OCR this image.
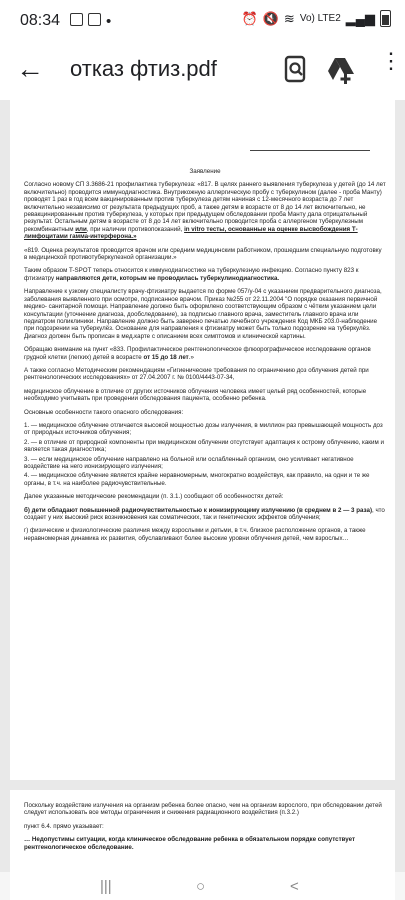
08:34	•	⏰ 🔇 ≋ Vo) LTE2 ▂▄▆
← отказ фтиз.pdf	⋮

Заявление

Согласно новому СП 3.3686-21 профилактика туберкулеза: «817. В целях раннего выявления туберкулеза у детей (до 14 лет включительно) проводится иммунодиагностика. Внутрикожную аллергическую пробу с туберкулином (далее - проба Манту) проводят 1 раз в год всем вакцинированным против туберкулеза детям начиная с 12-месячного возраста до 7 лет включительно независимо от результата предыдущих проб, а также детям в возрасте от 8 до 14 лет включительно, не ревакцинированным против туберкулеза, у которых при предыдущем обследовании проба Манту дала отрицательный результат. Остальным детям в возрасте от 8 до 14 лет включительно проводится проба с аллергеном туберкулезным рекомбинантным или, при наличии противопоказаний, in vitro тесты, основанные на оценке высвобождения Т-лимфоцитами гамма-интерферона.»

«819. Оценка результатов проводится врачом или средним медицинским работником, прошедшим специальную подготовку в медицинской противотуберкулезной организации.»

Таким образом T-SPOT теперь относится к иммунодиагностике на туберкулезную инфекцию. Согласно пункту 823 к фтизиатру направляются дети, которым не проводилась туберкулинодиагностика.

Направление к узкому специалисту врачу-фтизиатру выдается по форме 057/у-04 с указанием предварительного диагноза, заболевания выявленного при осмотре, подписанное врачом. Приказ №255 от 22.11.2004 "О порядке оказания первичной медико- санитарной помощи. Направление должно быть оформлено соответствующим образом с чётким указанием цели консультации (уточнение диагноза, дообследование), за подписью главного врача, заместитель главного врача или педиатром поликлиники. Направление должно быть заверено печатью лечебного учреждения Код МКБ z03.0-наблюдение при подозрении на туберкулёз. Основание для направления к фтизиатру может быть только подозрение на туберкулёз. Диагноз должен быть прописан в мед.карте с описанием всех симптомов и клинической картины.

Обращаю внимание на пункт «833. Профилактическое рентгенологическое флюорографическое исследование органов грудной клетки (легких) детей в возрасте от 15 до 18 лет.»

А также согласно Методическим рекомендациям «Гигиенические требования по ограничению доз облучения детей при рентгенологических исследованиях» от 27.04.2007 г. № 0100/4443-07-34,

медицинское облучение в отличие от других источников облучения человека имеет целый ряд особенностей, которые необходимо учитывать при проведении обследования пациента, особенно ребенка.

Основные особенности такого опасного обследования:

1. — медицинское облучение отличается высокой мощностью дозы излучения, в миллион раз превышающей мощность доз от природных источников облучения;

2. — в отличие от природной компоненты при медицинском облучении отсутствует адаптация к острому облучению, каким и является такая диагностика;

3. — если медицинское облучение направлено на больной или ослабленный организм, оно усиливает негативное воздействие на него ионизирующего излучения;

4. — медицинское облучение является крайне неравномерным, многократно воздействуя, как правило, на одни и те же органы, в т.ч. на наиболее радиочувствительные.

Далее указанные методические рекомендации (п. 3.1.) сообщают об особенностях детей:

б) дети обладают повышенной радиочувствительностью к ионизирующему излучению (в среднем в 2 — 3 раза), что создает у них высокий риск возникновения как соматических, так и генетических эффектов облучения;

г) физические и физиологические различия между взрослыми и детьми, в т.ч. близкое расположение органов, а также неравномерная динамика их развития, обуславливают более высокие уровни облучения детей, чем взрослых…

Поскольку воздействие излучения на организм ребенка более опасно, чем на организм взрослого, при обследовании детей следует использовать все методы ограничения и снижения радиационного воздействия (п.3.2.)

пункт 6.4. прямо указывает:

… Недопустимы ситуации, когда клиническое обследование ребенка в обязательном порядке сопутствует рентгенологическое обследование.

|||	○	<
